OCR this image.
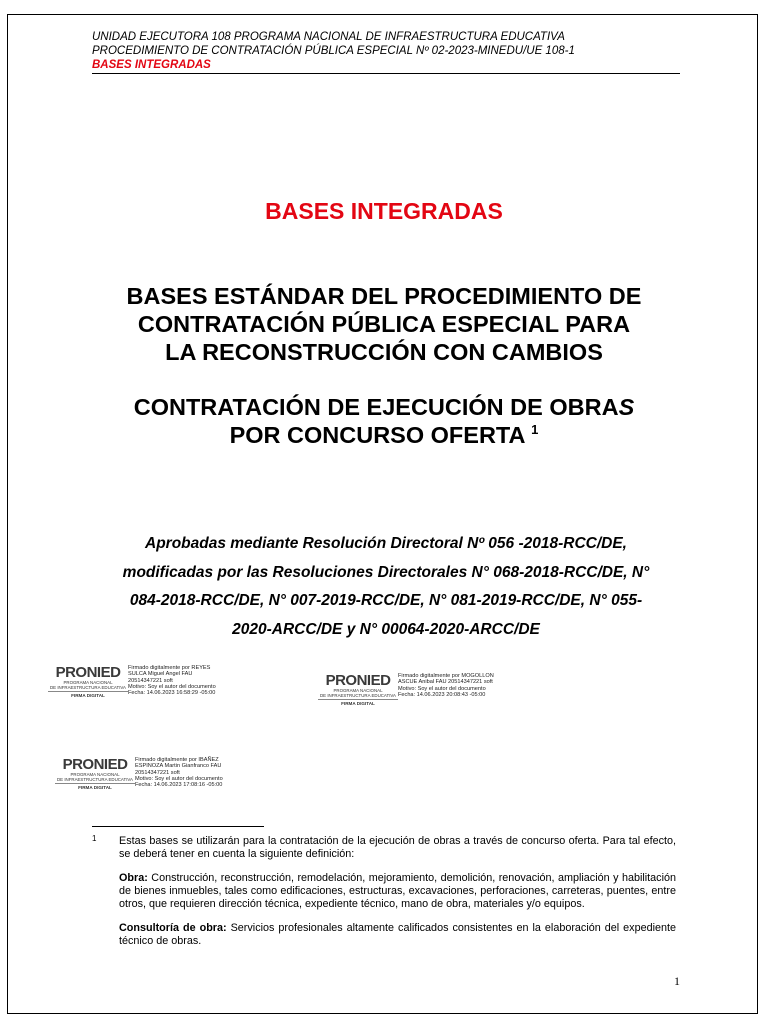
UNIDAD EJECUTORA 108 PROGRAMA NACIONAL DE INFRAESTRUCTURA EDUCATIVA
PROCEDIMIENTO DE CONTRATACIÓN PÚBLICA ESPECIAL Nº 02-2023-MINEDU/UE 108-1
BASES INTEGRADAS
BASES INTEGRADAS
BASES ESTÁNDAR DEL PROCEDIMIENTO DE
CONTRATACIÓN PÚBLICA ESPECIAL PARA
LA RECONSTRUCCIÓN CON CAMBIOS
CONTRATACIÓN DE EJECUCIÓN DE OBRAS
POR CONCURSO OFERTA $^1$
Aprobadas mediante Resolución Directoral Nº 056 -2018-RCC/DE,
modificadas por las Resoluciones Directorales N° 068-2018-RCC/DE, N°
084-2018-RCC/DE, N° 007-2019-RCC/DE, N° 081-2019-RCC/DE, N° 055-
2020-ARCC/DE y N° 00064-2020-ARCC/DE
PRONIED
PROGRAMA NACIONAL
DE INFRAESTRUCTURA EDUCATIVA
FIRMA DIGITAL
Firmado digitalmente por REYES
SULCA Miguel Angel FAU
20514347221 soft
Motivo: Soy el autor del documento
Fecha: 14.06.2023 16:58:29 -05:00
PRONIED
PROGRAMA NACIONAL
DE INFRAESTRUCTURA EDUCATIVA
FIRMA DIGITAL
Firmado digitalmente por MOGOLLON
ASCUE Anibal FAU 20514347221 soft
Motivo: Soy el autor del documento
Fecha: 14.06.2023 20:08:43 -05:00
PRONIED
PROGRAMA NACIONAL
DE INFRAESTRUCTURA EDUCATIVA
FIRMA DIGITAL
Firmado digitalmente por IBAÑEZ
ESPINOZA Martin Gianfranco FAU
20514347221 soft
Motivo: Soy el autor del documento
Fecha: 14.06.2023 17:08:16 -05:00
1 Estas bases se utilizarán para la contratación de la ejecución de obras a través de concurso oferta. Para tal efecto, se deberá tener en cuenta la siguiente definición:

Obra: Construcción, reconstrucción, remodelación, mejoramiento, demolición, renovación, ampliación y habilitación de bienes inmuebles, tales como edificaciones, estructuras, excavaciones, perforaciones, carreteras, puentes, entre otros, que requieren dirección técnica, expediente técnico, mano de obra, materiales y/o equipos.

Consultoría de obra: Servicios profesionales altamente calificados consistentes en la elaboración del expediente técnico de obras.

1
